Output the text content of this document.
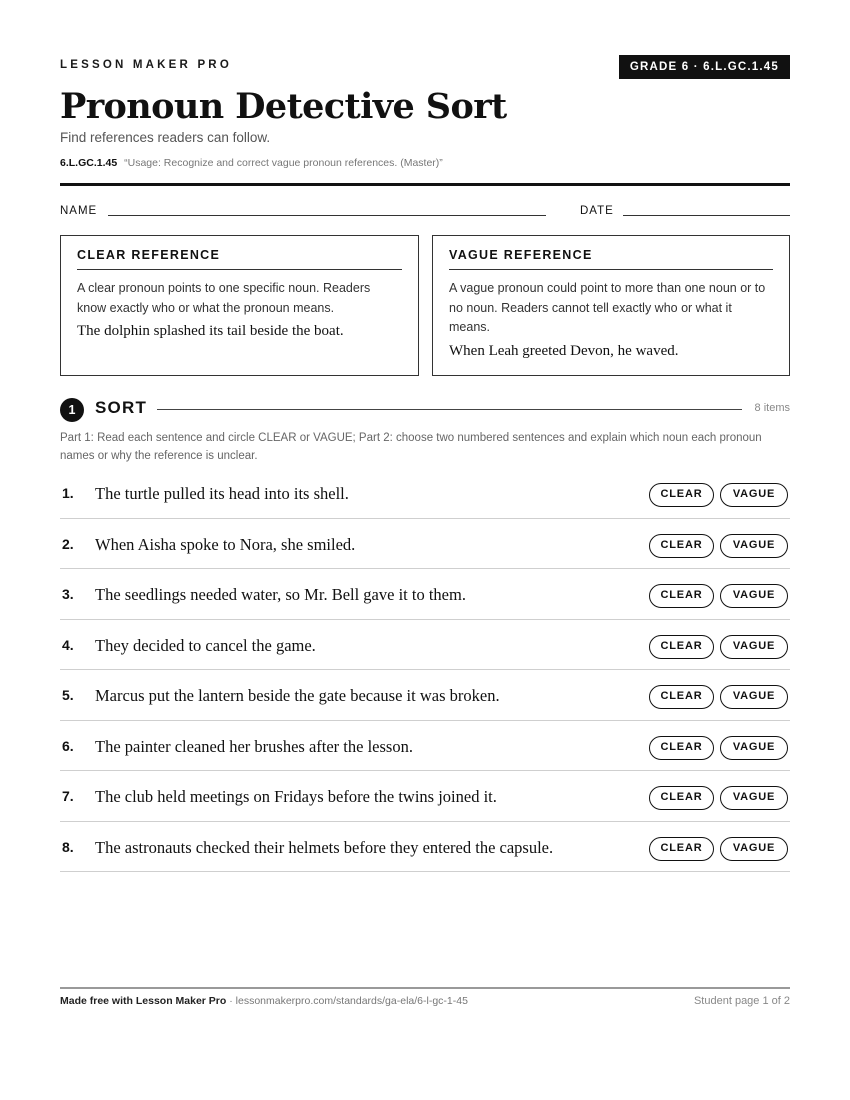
LESSON MAKER PRO	GRADE 6 · 6.L.GC.1.45
Pronoun Detective Sort
Find references readers can follow.
6.L.GC.1.45 “Usage: Recognize and correct vague pronoun references. (Master)”
NAME	DATE
CLEAR REFERENCE
A clear pronoun points to one specific noun. Readers know exactly who or what the pronoun means.
The dolphin splashed its tail beside the boat.
VAGUE REFERENCE
A vague pronoun could point to more than one noun or to no noun. Readers cannot tell exactly who or what it means.
When Leah greeted Devon, he waved.
1	SORT	8 items
Part 1: Read each sentence and circle CLEAR or VAGUE; Part 2: choose two numbered sentences and explain which noun each pronoun names or why the reference is unclear.
1. The turtle pulled its head into its shell.	CLEAR	VAGUE
2. When Aisha spoke to Nora, she smiled.	CLEAR	VAGUE
3. The seedlings needed water, so Mr. Bell gave it to them.	CLEAR	VAGUE
4. They decided to cancel the game.	CLEAR	VAGUE
5. Marcus put the lantern beside the gate because it was broken.	CLEAR	VAGUE
6. The painter cleaned her brushes after the lesson.	CLEAR	VAGUE
7. The club held meetings on Fridays before the twins joined it.	CLEAR	VAGUE
8. The astronauts checked their helmets before they entered the capsule.	CLEAR	VAGUE
Made free with Lesson Maker Pro · lessonmakerpro.com/standards/ga-ela/6-l-gc-1-45	Student page 1 of 2
